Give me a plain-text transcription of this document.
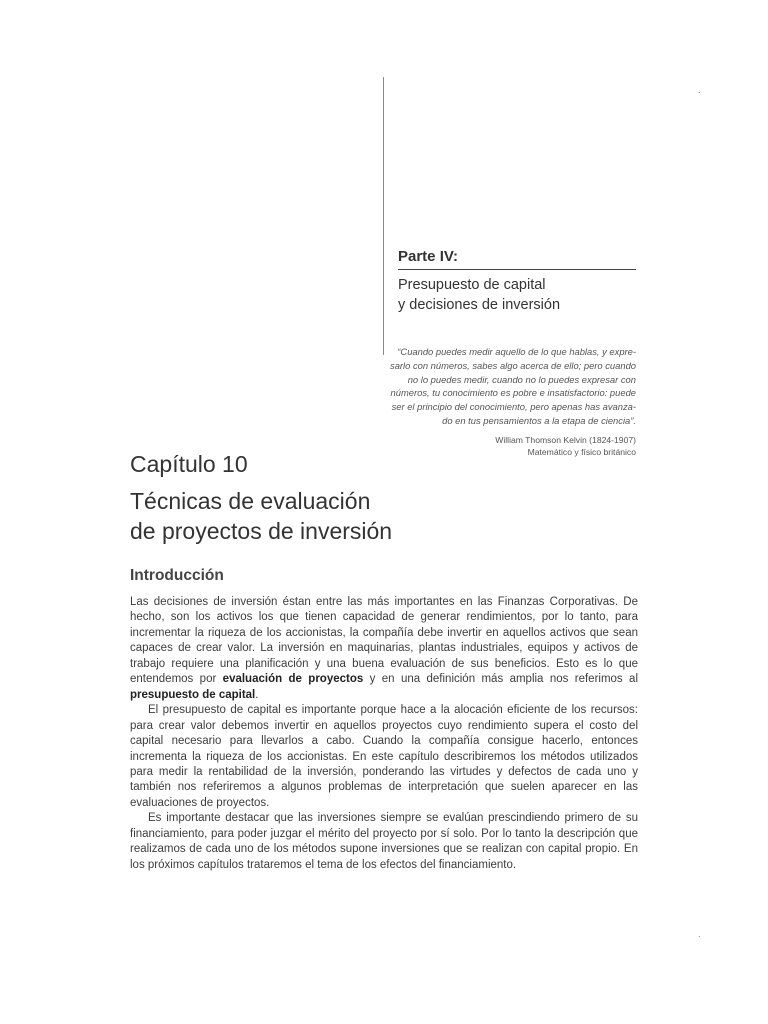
.
.
Parte IV:
Presupuesto de capital
y decisiones de inversión
“Cuando puedes medir aquello de lo que hablas, y expre-
sarlo con números, sabes algo acerca de ello; pero cuando
no lo puedes medir, cuando no lo puedes expresar con
números, tu conocimiento es pobre e insatisfactorio: puede
ser el principio del conocimiento, pero apenas has avanza-
do en tus pensamientos a la etapa de ciencia”.
William Thomson Kelvin (1824-1907)
Matemático y físico británico
Capítulo 10
Técnicas de evaluación
de proyectos de inversión
Introducción

Las decisiones de inversión éstan entre las más importantes en las Finanzas Corporativas. De hecho, son los activos los que tienen capacidad de generar rendimientos, por lo tanto, para incrementar la riqueza de los accionistas, la compañía debe invertir en aquellos activos que sean capaces de crear valor. La inversión en maquinarias, plantas industriales, equipos y activos de trabajo requiere una planificación y una buena evaluación de sus beneficios. Esto es lo que entendemos por evaluación de proyectos y en una definición más amplia nos referimos al presupuesto de capital.

El presupuesto de capital es importante porque hace a la alocación eficiente de los recursos: para crear valor debemos invertir en aquellos proyectos cuyo rendimiento supera el costo del capital necesario para llevarlos a cabo. Cuando la compañía consigue hacerlo, entonces incrementa la riqueza de los accionistas. En este capítulo describiremos los métodos utilizados para medir la rentabilidad de la inversión, ponderando las virtudes y defectos de cada uno y también nos referiremos a algunos problemas de interpretación que suelen aparecer en las evaluaciones de proyectos.

Es importante destacar que las inversiones siempre se evalúan prescindiendo primero de su financiamiento, para poder juzgar el mérito del proyecto por sí solo. Por lo tanto la descripción que realizamos de cada uno de los métodos supone inversiones que se realizan con capital propio. En los próximos capítulos trataremos el tema de los efectos del financiamiento.
